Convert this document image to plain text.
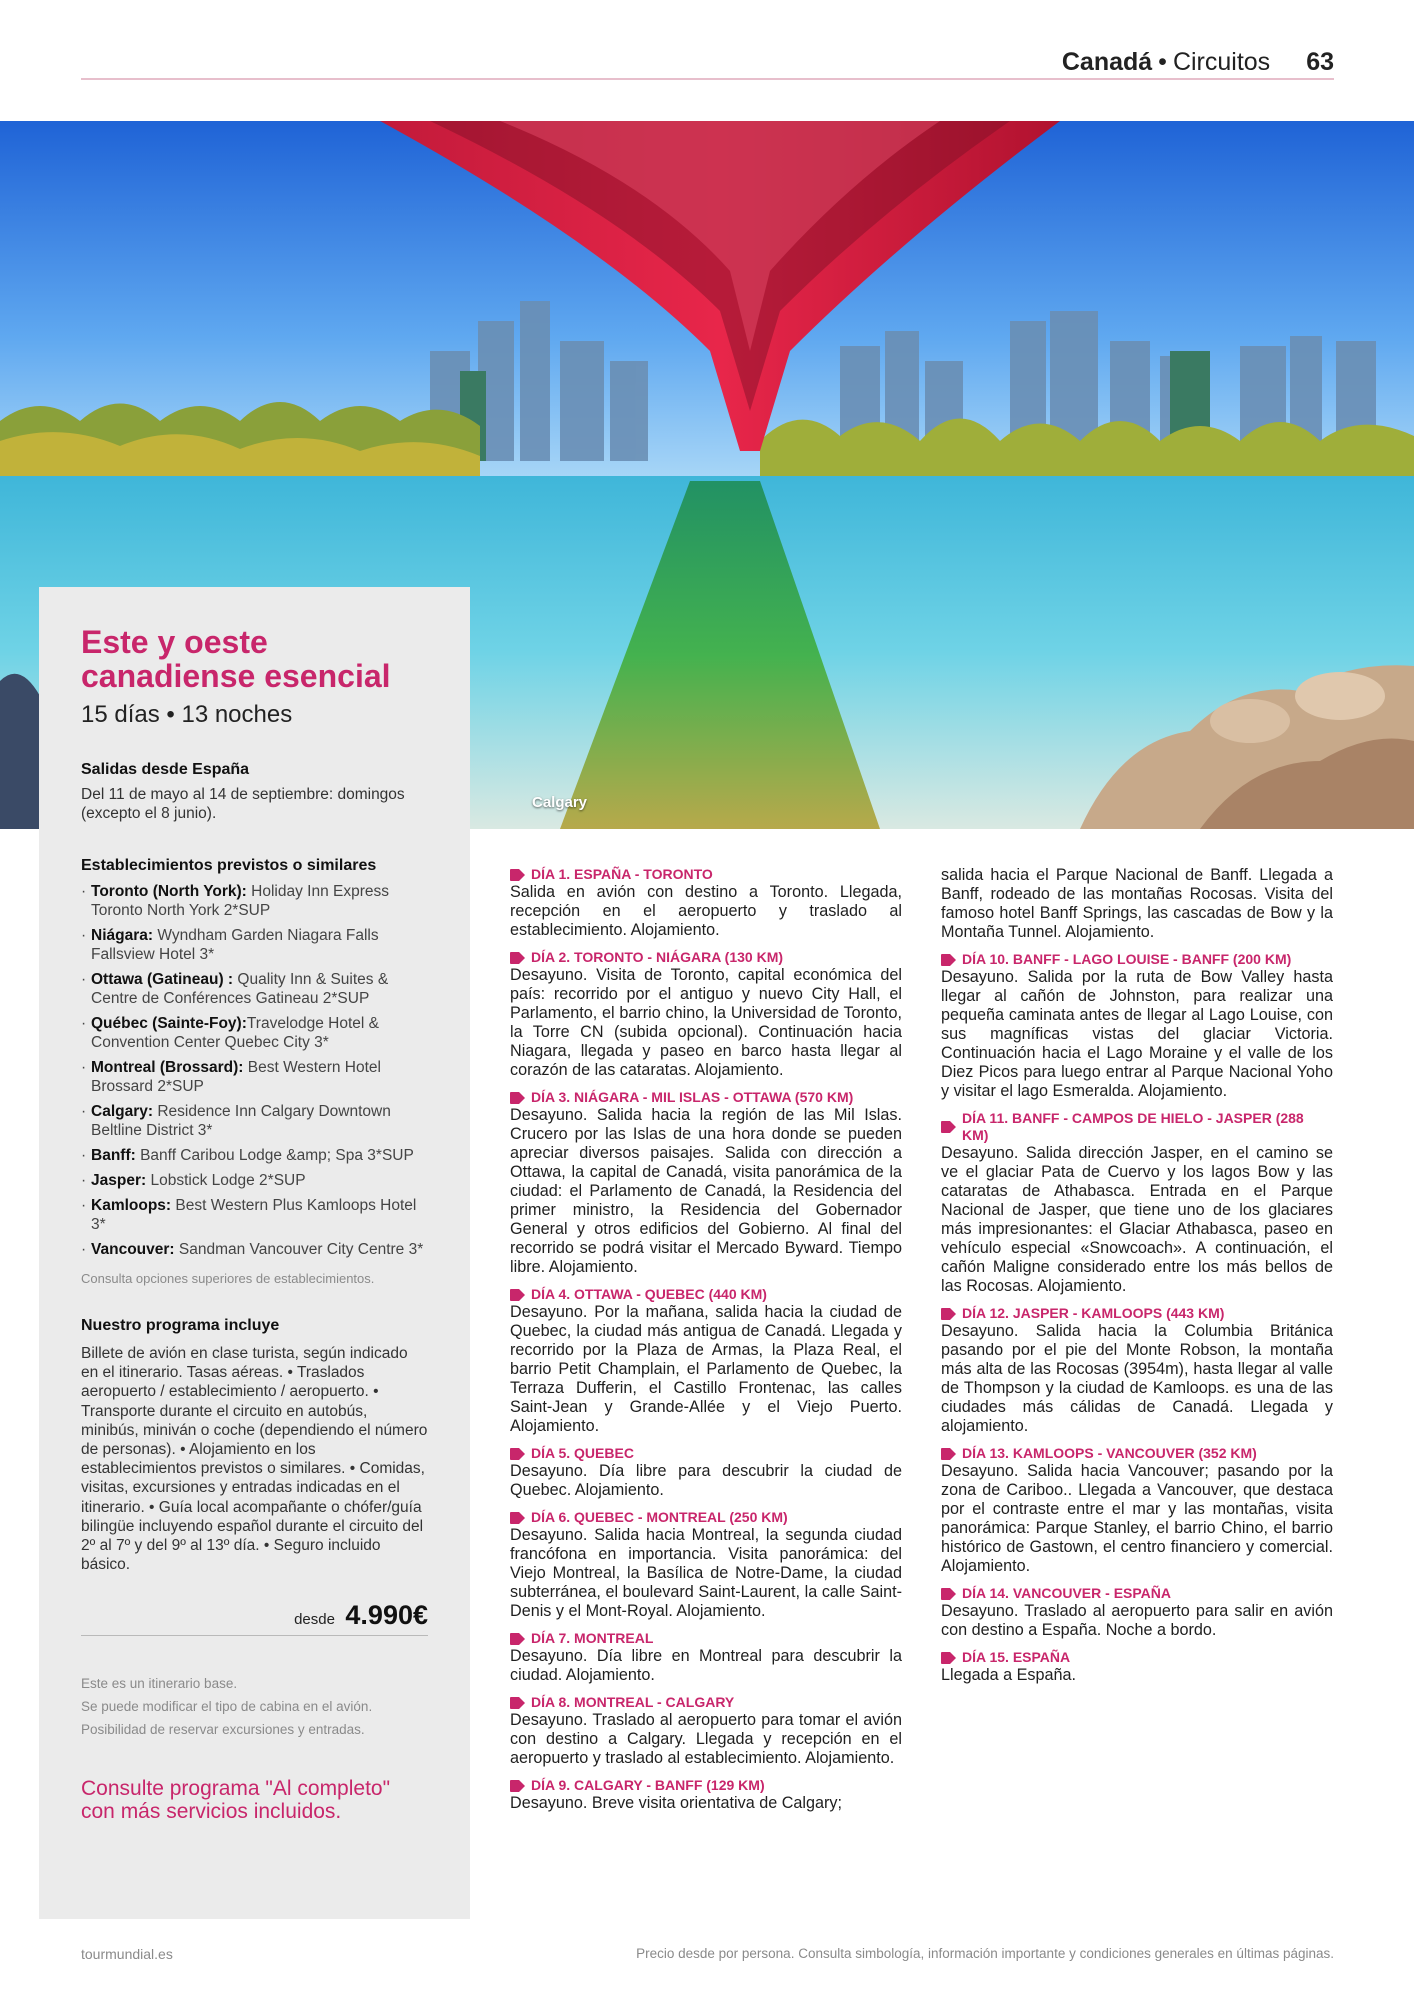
Canadá • Circuitos 63
Calgary
Este y oeste canadiense esencial
15 días • 13 noches
Salidas desde España
Del 11 de mayo al 14 de septiembre: domingos (excepto el 8 junio).
Establecimientos previstos o similares
· Toronto (North York): Holiday Inn Express Toronto North York 2*SUP
· Niágara: Wyndham Garden Niagara Falls Fallsview Hotel 3*
· Ottawa (Gatineau) : Quality Inn & Suites & Centre de Conférences Gatineau 2*SUP
· Québec (Sainte-Foy):Travelodge Hotel & Convention Center Quebec City 3*
· Montreal (Brossard): Best Western Hotel Brossard 2*SUP
· Calgary: Residence Inn Calgary Downtown Beltline District 3*
· Banff: Banff Caribou Lodge &amp; Spa 3*SUP
· Jasper: Lobstick Lodge 2*SUP
· Kamloops: Best Western Plus Kamloops Hotel 3*
· Vancouver: Sandman Vancouver City Centre 3*
Consulta opciones superiores de establecimientos.
Nuestro programa incluye
Billete de avión en clase turista, según indicado en el itinerario. Tasas aéreas. • Traslados aeropuerto / establecimiento / aeropuerto. • Transporte durante el circuito en autobús, minibús, miniván o coche (dependiendo el número de personas). • Alojamiento en los establecimientos previstos o similares. • Comidas, visitas, excursiones y entradas indicadas en el itinerario. • Guía local acompañante o chófer/guía bilingüe incluyendo español durante el circuito del 2º al 7º y del 9º al 13º día. • Seguro incluido básico.
desde 4.990€
Este es un itinerario base.
Se puede modificar el tipo de cabina en el avión.
Posibilidad de reservar excursiones y entradas.
Consulte programa "Al completo" con más servicios incluidos.
DÍA 1. ESPAÑA - TORONTO
Salida en avión con destino a Toronto. Llegada, recepción en el aeropuerto y traslado al establecimiento. Alojamiento.
DÍA 2. TORONTO - NIÁGARA (130 KM)
Desayuno. Visita de Toronto, capital económica del país: recorrido por el antiguo y nuevo City Hall, el Parlamento, el barrio chino, la Universidad de Toronto, la Torre CN (subida opcional). Continuación hacia Niagara, llegada y paseo en barco hasta llegar al corazón de las cataratas. Alojamiento.
DÍA 3. NIÁGARA - MIL ISLAS - OTTAWA (570 KM)
Desayuno. Salida hacia la región de las Mil Islas. Crucero por las Islas de una hora donde se pueden apreciar diversos paisajes. Salida con dirección a Ottawa, la capital de Canadá, visita panorámica de la ciudad: el Parlamento de Canadá, la Residencia del primer ministro, la Residencia del Gobernador General y otros edificios del Gobierno. Al final del recorrido se podrá visitar el Mercado Byward. Tiempo libre. Alojamiento.
DÍA 4. OTTAWA - QUEBEC (440 KM)
Desayuno. Por la mañana, salida hacia la ciudad de Quebec, la ciudad más antigua de Canadá. Llegada y recorrido por la Plaza de Armas, la Plaza Real, el barrio Petit Champlain, el Parlamento de Quebec, la Terraza Dufferin, el Castillo Frontenac, las calles Saint-Jean y Grande-Allée y el Viejo Puerto. Alojamiento.
DÍA 5. QUEBEC
Desayuno. Día libre para descubrir la ciudad de Quebec. Alojamiento.
DÍA 6. QUEBEC - MONTREAL (250 KM)
Desayuno. Salida hacia Montreal, la segunda ciudad francófona en importancia. Visita panorámica: del Viejo Montreal, la Basílica de Notre-Dame, la ciudad subterránea, el boulevard Saint-Laurent, la calle Saint-Denis y el Mont-Royal. Alojamiento.
DÍA 7. MONTREAL
Desayuno. Día libre en Montreal para descubrir la ciudad. Alojamiento.
DÍA 8. MONTREAL - CALGARY
Desayuno. Traslado al aeropuerto para tomar el avión con destino a Calgary. Llegada y recepción en el aeropuerto y traslado al establecimiento. Alojamiento.
DÍA 9. CALGARY - BANFF (129 KM)
Desayuno. Breve visita orientativa de Calgary;
salida hacia el Parque Nacional de Banff. Llegada a Banff, rodeado de las montañas Rocosas. Visita del famoso hotel Banff Springs, las cascadas de Bow y la Montaña Tunnel. Alojamiento.
DÍA 10. BANFF - LAGO LOUISE - BANFF (200 KM)
Desayuno. Salida por la ruta de Bow Valley hasta llegar al cañón de Johnston, para realizar una pequeña caminata antes de llegar al Lago Louise, con sus magníficas vistas del glaciar Victoria. Continuación hacia el Lago Moraine y el valle de los Diez Picos para luego entrar al Parque Nacional Yoho y visitar el lago Esmeralda. Alojamiento.
DÍA 11. BANFF - CAMPOS DE HIELO - JASPER (288 KM)
Desayuno. Salida dirección Jasper, en el camino se ve el glaciar Pata de Cuervo y los lagos Bow y las cataratas de Athabasca. Entrada en el Parque Nacional de Jasper, que tiene uno de los glaciares más impresionantes: el Glaciar Athabasca, paseo en vehículo especial «Snowcoach». A continuación, el cañón Maligne considerado entre los más bellos de las Rocosas. Alojamiento.
DÍA 12. JASPER - KAMLOOPS (443 KM)
Desayuno. Salida hacia la Columbia Británica pasando por el pie del Monte Robson, la montaña más alta de las Rocosas (3954m), hasta llegar al valle de Thompson y la ciudad de Kamloops. es una de las ciudades más cálidas de Canadá. Llegada y alojamiento.
DÍA 13. KAMLOOPS - VANCOUVER (352 KM)
Desayuno. Salida hacia Vancouver; pasando por la zona de Cariboo.. Llegada a Vancouver, que destaca por el contraste entre el mar y las montañas, visita panorámica: Parque Stanley, el barrio Chino, el barrio histórico de Gastown, el centro financiero y comercial. Alojamiento.
DÍA 14. VANCOUVER - ESPAÑA
Desayuno. Traslado al aeropuerto para salir en avión con destino a España. Noche a bordo.
DÍA 15. ESPAÑA
Llegada a España.
tourmundial.es	Precio desde por persona. Consulta simbología, información importante y condiciones generales en últimas páginas.
